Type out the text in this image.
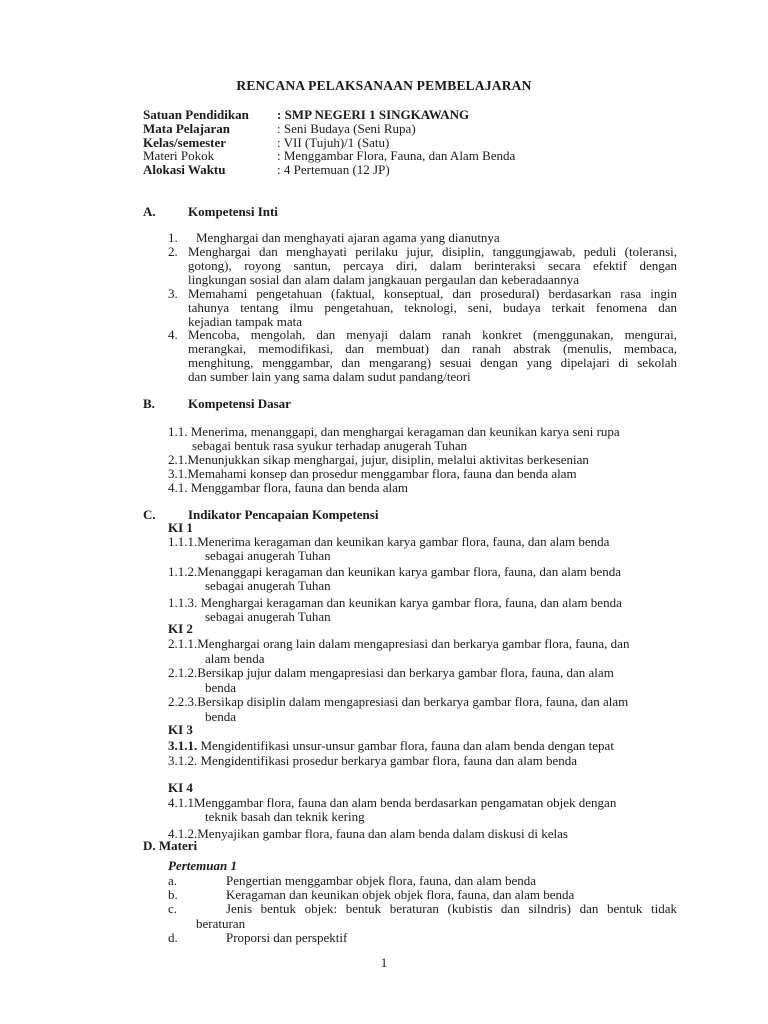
RENCANA PELAKSANAAN PEMBELAJARAN
Satuan Pendidikan : SMP NEGERI 1 SINGKAWANG
Mata Pelajaran	: Seni Budaya (Seni Rupa)
Kelas/semester	: VII (Tujuh)/1 (Satu)
Materi Pokok	: Menggambar Flora, Fauna, dan Alam Benda
Alokasi Waktu	: 4 Pertemuan (12 JP)
A. Kompetensi Inti
1. Menghargai dan menghayati ajaran agama yang dianutnya
2. Menghargai dan menghayati perilaku jujur, disiplin, tanggungjawab, peduli (toleransi,
gotong), royong santun, percaya diri, dalam berinteraksi secara efektif dengan
lingkungan sosial dan alam dalam jangkauan pergaulan dan keberadaannya
3. Memahami pengetahuan (faktual, konseptual, dan prosedural) berdasarkan rasa ingin
tahunya tentang ilmu pengetahuan, teknologi, seni, budaya terkait fenomena dan
kejadian tampak mata
4. Mencoba, mengolah, dan menyaji dalam ranah konkret (menggunakan, mengurai,
merangkai, memodifikasi, dan membuat) dan ranah abstrak (menulis, membaca,
menghitung, menggambar, dan mengarang) sesuai dengan yang dipelajari di sekolah
dan sumber lain yang sama dalam sudut pandang/teori
B.	Kompetensi Dasar
1.1. Menerima, menanggapi, dan menghargai keragaman dan keunikan karya seni rupa
sebagai bentuk rasa syukur terhadap anugerah Tuhan
2.1.Menunjukkan sikap menghargai, jujur, disiplin, melalui aktivitas berkesenian
3.1.Memahami konsep dan prosedur menggambar flora, fauna dan benda alam
4.1. Menggambar flora, fauna dan benda alam
C. Indikator Pencapaian Kompetensi
KI 1
1.1.1.Menerima keragaman dan keunikan karya gambar flora, fauna, dan alam benda
sebagai anugerah Tuhan
1.1.2.Menanggapi keragaman dan keunikan karya gambar flora, fauna, dan alam benda
sebagai anugerah Tuhan
1.1.3. Menghargai keragaman dan keunikan karya gambar flora, fauna, dan alam benda
sebagai anugerah Tuhan
KI 2
2.1.1.Menghargai orang lain dalam mengapresiasi dan berkarya gambar flora, fauna, dan
alam benda
2.1.2.Bersikap jujur dalam mengapresiasi dan berkarya gambar flora, fauna, dan alam
benda
2.2.3.Bersikap disiplin dalam mengapresiasi dan berkarya gambar flora, fauna, dan alam
benda
KI 3
3.1.1. Mengidentifikasi unsur-unsur gambar flora, fauna dan alam benda dengan tepat
3.1.2. Mengidentifikasi prosedur berkarya gambar flora, fauna dan alam benda
KI 4
4.1.1Menggambar flora, fauna dan alam benda berdasarkan pengamatan objek dengan
teknik basah dan teknik kering
4.1.2.Menyajikan gambar flora, fauna dan alam benda dalam diskusi di kelas
D. Materi
Pertemuan 1
a.	Pengertian menggambar objek flora, fauna, dan alam benda
b.	Keragaman dan keunikan objek objek flora, fauna, dan alam benda
c.	Jenis bentuk objek: bentuk beraturan (kubistis dan silndris) dan bentuk tidak
beraturan
d.	Proporsi dan perspektif
1
